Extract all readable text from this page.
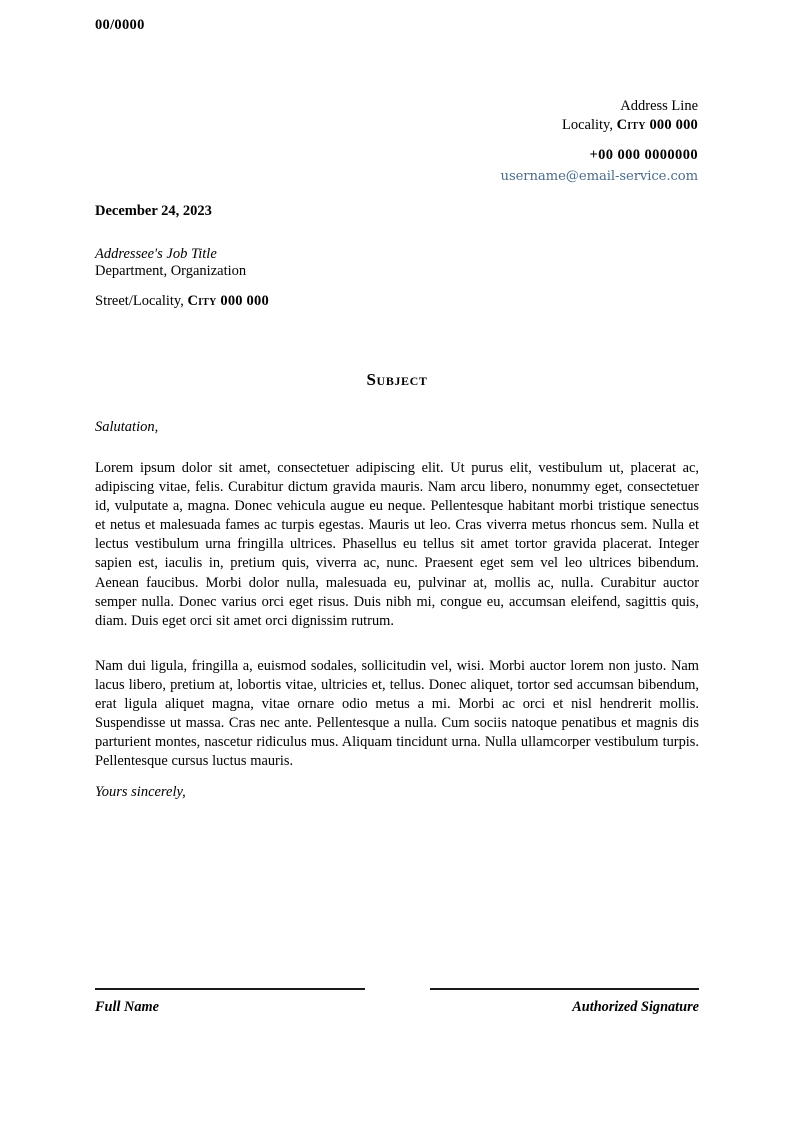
00/0000
Address Line
Locality, City 000 000
+00 000 0000000
username@email-service.com
December 24, 2023
Addressee's Job Title
Department, Organization
Street/Locality, City 000 000
Subject
Salutation,

Lorem ipsum dolor sit amet, consectetuer adipiscing elit. Ut purus elit, vestibulum ut, placerat ac, adipiscing vitae, felis. Curabitur dictum gravida mauris. Nam arcu libero, nonummy eget, consectetuer id, vulputate a, magna. Donec vehicula augue eu neque. Pellentesque habitant morbi tristique senectus et netus et malesuada fames ac turpis egestas. Mauris ut leo. Cras viverra metus rhoncus sem. Nulla et lectus vestibulum urna fringilla ultrices. Phasellus eu tellus sit amet tortor gravida placerat. Integer sapien est, iaculis in, pretium quis, viverra ac, nunc. Praesent eget sem vel leo ultrices bibendum. Aenean faucibus. Morbi dolor nulla, malesuada eu, pulvinar at, mollis ac, nulla. Curabitur auctor semper nulla. Donec varius orci eget risus. Duis nibh mi, congue eu, accumsan eleifend, sagittis quis, diam. Duis eget orci sit amet orci dignissim rutrum.

Nam dui ligula, fringilla a, euismod sodales, sollicitudin vel, wisi. Morbi auctor lorem non justo. Nam lacus libero, pretium at, lobortis vitae, ultricies et, tellus. Donec aliquet, tortor sed accumsan bibendum, erat ligula aliquet magna, vitae ornare odio metus a mi. Morbi ac orci et nisl hendrerit mollis. Suspendisse ut massa. Cras nec ante. Pellentesque a nulla. Cum sociis natoque penatibus et magnis dis parturient montes, nascetur ridiculus mus. Aliquam tincidunt urna. Nulla ullamcorper vestibulum turpis. Pellentesque cursus luctus mauris.

Yours sincerely,
Full Name	Authorized Signature
